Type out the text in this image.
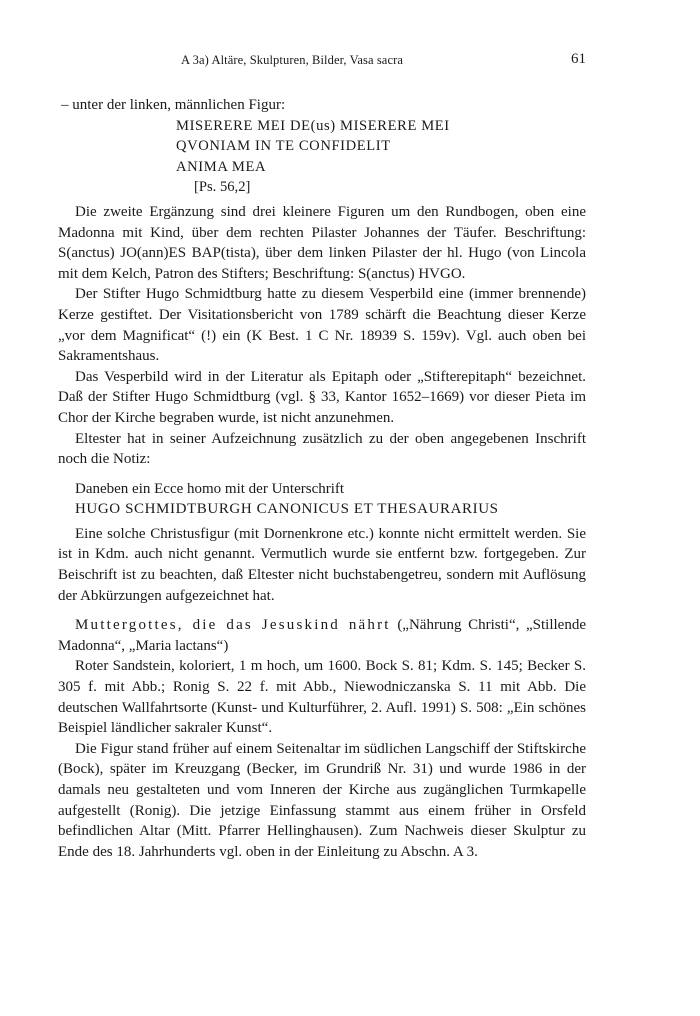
A 3a) Altäre, Skulpturen, Bilder, Vasa sacra	61

– unter der linken, männlichen Figur:

MISERERE MEI DE(us) MISERERE MEI
QVONIAM IN TE CONFIDELIT
ANIMA MEA
[Ps. 56,2]

Die zweite Ergänzung sind drei kleinere Figuren um den Rundbogen, oben eine Madonna mit Kind, über dem rechten Pilaster Johannes der Täufer. Beschriftung: S(anctus) JO(ann)ES BAP(tista), über dem linken Pilaster der hl. Hugo (von Lincola mit dem Kelch, Patron des Stifters; Beschriftung: S(anctus) HVGO.

Der Stifter Hugo Schmidtburg hatte zu diesem Vesperbild eine (immer brennende) Kerze gestiftet. Der Visitationsbericht von 1789 schärft die Beachtung dieser Kerze „vor dem Magnificat“ (!) ein (K Best. 1 C Nr. 18939 S. 159v). Vgl. auch oben bei Sakramentshaus.

Das Vesperbild wird in der Literatur als Epitaph oder „Stifterepitaph“ bezeichnet. Daß der Stifter Hugo Schmidtburg (vgl. § 33, Kantor 1652–1669) vor dieser Pieta im Chor der Kirche begraben wurde, ist nicht anzunehmen.

Eltester hat in seiner Aufzeichnung zusätzlich zu der oben angegebenen Inschrift noch die Notiz:

Daneben ein Ecce homo mit der Unterschrift
HUGO SCHMIDTBURGH CANONICUS ET THESAURARIUS

Eine solche Christusfigur (mit Dornenkrone etc.) konnte nicht ermittelt werden. Sie ist in Kdm. auch nicht genannt. Vermutlich wurde sie entfernt bzw. fortgegeben. Zur Beischrift ist zu beachten, daß Eltester nicht buchstabengetreu, sondern mit Auflösung der Abkürzungen aufgezeichnet hat.

Muttergottes, die das Jesuskind nährt („Nährung Christi“, „Stillende Madonna“, „Maria lactans“)

Roter Sandstein, koloriert, 1 m hoch, um 1600. Bock S. 81; Kdm. S. 145; Becker S. 305 f. mit Abb.; Ronig S. 22 f. mit Abb., Niewodniczanska S. 11 mit Abb. Die deutschen Wallfahrtsorte (Kunst- und Kulturführer, 2. Aufl. 1991) S. 508: „Ein schönes Beispiel ländlicher sakraler Kunst“.

Die Figur stand früher auf einem Seitenaltar im südlichen Langschiff der Stiftskirche (Bock), später im Kreuzgang (Becker, im Grundriß Nr. 31) und wurde 1986 in der damals neu gestalteten und vom Inneren der Kirche aus zugänglichen Turmkapelle aufgestellt (Ronig). Die jetzige Einfassung stammt aus einem früher in Orsfeld befindlichen Altar (Mitt. Pfarrer Hellinghausen). Zum Nachweis dieser Skulptur zu Ende des 18. Jahrhunderts vgl. oben in der Einleitung zu Abschn. A 3.
